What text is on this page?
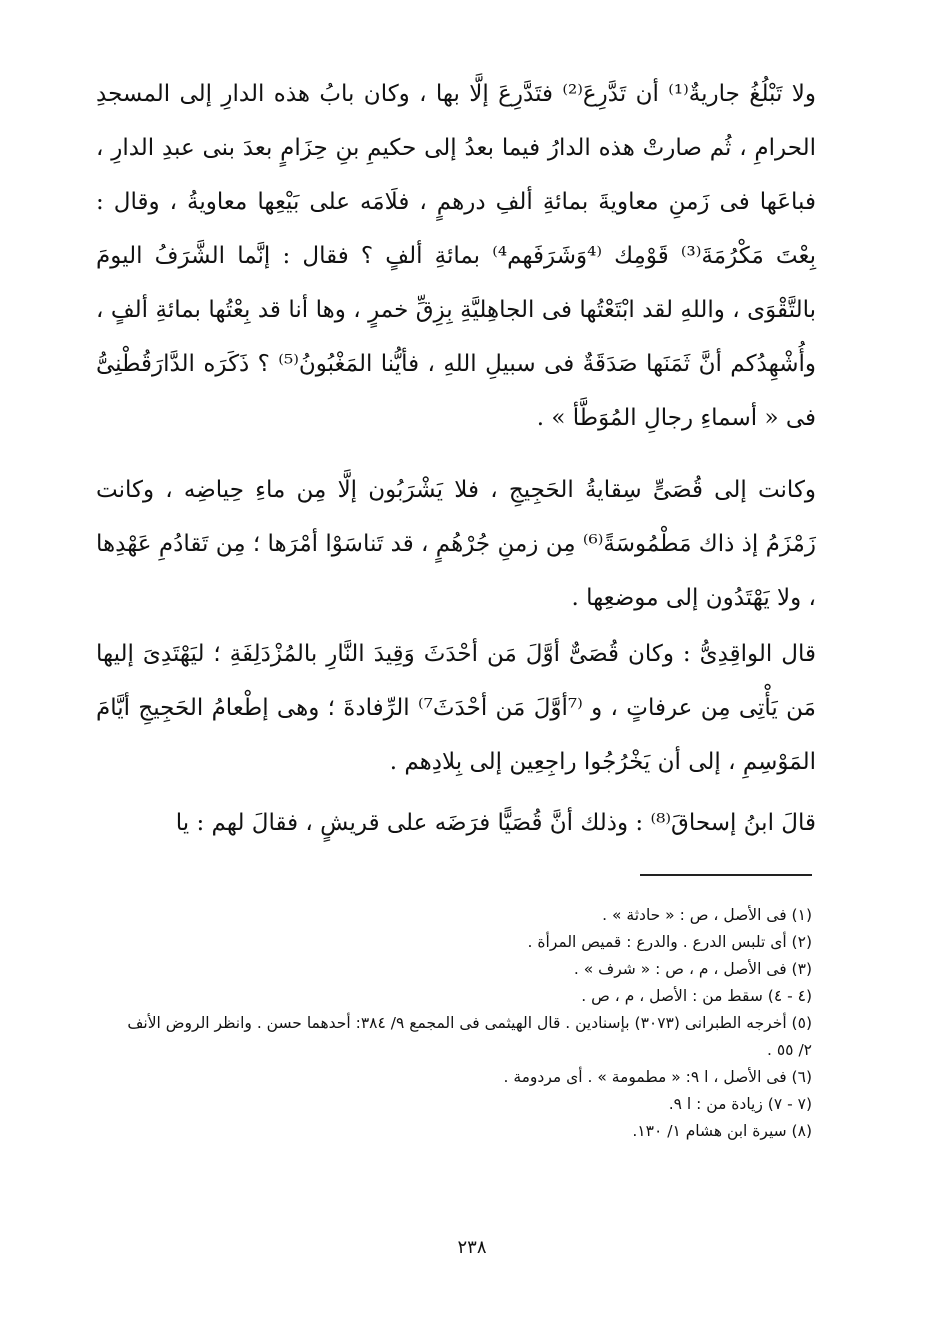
ولا تَبْلُغُ جاريةٌ⁽¹⁾ أن تَدَّرِعَ⁽²⁾ فتَدَّرِعَ إلَّا بها ، وكان بابُ هذه الدارِ إلى المسجدِ الحرامِ ، ثُم صارتْ هذه الدارُ فيما بعدُ إلى حكيمِ بنِ حِزَامٍ بعدَ بنى عبدِ الدارِ ، فباعَها فى زَمنِ معاويةَ بمائةِ ألفِ درهمٍ ، فلَامَه على بَيْعِها معاويةُ ، وقال : بِعْتَ مَكْرُمَةَ⁽³⁾ قَوْمِك ⁽⁴وَشَرَفَهم⁴⁾ بمائةِ ألفٍ ؟ فقال : إنَّما الشَّرَفُ اليومَ بالتَّقْوَى ، واللهِ لقد ابْتَعْتُها فى الجاهِليَّةِ بِزِقِّ خمرٍ ، وها أنا قد بِعْتُها بمائةِ ألفٍ ، وأُشْهِدُكم أنَّ ثَمَنَها صَدَقَةٌ فى سبيلِ اللهِ ، فأيُّنا المَغْبُونُ⁽⁵⁾ ؟ ذَكَرَه الدَّارَقُطْنِىُّ فى « أسماءِ رجالِ المُوَطَّأ » .

وكانت إلى قُصَىٍّ سِقايةُ الحَجِيجِ ، فلا يَشْرَبُون إلَّا مِن ماءِ حِياضِه ، وكانت زَمْزَمُ إذ ذاك مَطْمُوسَةً⁽⁶⁾ مِن زمنِ جُرْهُمٍ ، قد تَناسَوْا أمْرَها ؛ مِن تَقادُمِ عَهْدِها ، ولا يَهْتَدُون إلى موضعِها .

قال الواقِدِىُّ : وكان قُصَىٌّ أوَّلَ مَن أحْدَثَ وَقِيدَ النَّارِ بالمُزْدَلِفَةِ ؛ ليَهْتَدِىَ إليها مَن يَأْتِى مِن عرفاتٍ ، و ⁽⁷أوَّلَ مَن أحْدَثَ⁷⁾ الرِّفادةَ ؛ وهى إطْعامُ الحَجِيجِ أيَّامَ المَوْسِمِ ، إلى أن يَخْرُجُوا راجِعِين إلى بِلادِهم .

قالَ ابنُ إسحاقَ⁽⁸⁾ : وذلك أنَّ قُصَيًّا فرَضَه على قريشٍ ، فقالَ لهم : يا

(١) فى الأصل ، ص : « حادثة » .

(٢) أى تلبس الدرع . والدرع : قميص المرأة .

(٣) فى الأصل ، م ، ص : « شرف » .

(٤ - ٤) سقط من : الأصل ، م ، ص .

(٥) أخرجه الطبرانى (٣٠٧٣) بإسنادين . قال الهيثمى فى المجمع ٩/ ٣٨٤: أحدهما حسن . وانظر الروض الأنف ٢/ ٥٥ .

(٦) فى الأصل ، ا ٩: « مطمومة » . أى مردومة .

(٧ - ٧) زيادة من : ا ٩.

(٨) سيرة ابن هشام ١/ ١٣٠.

٢٣٨
